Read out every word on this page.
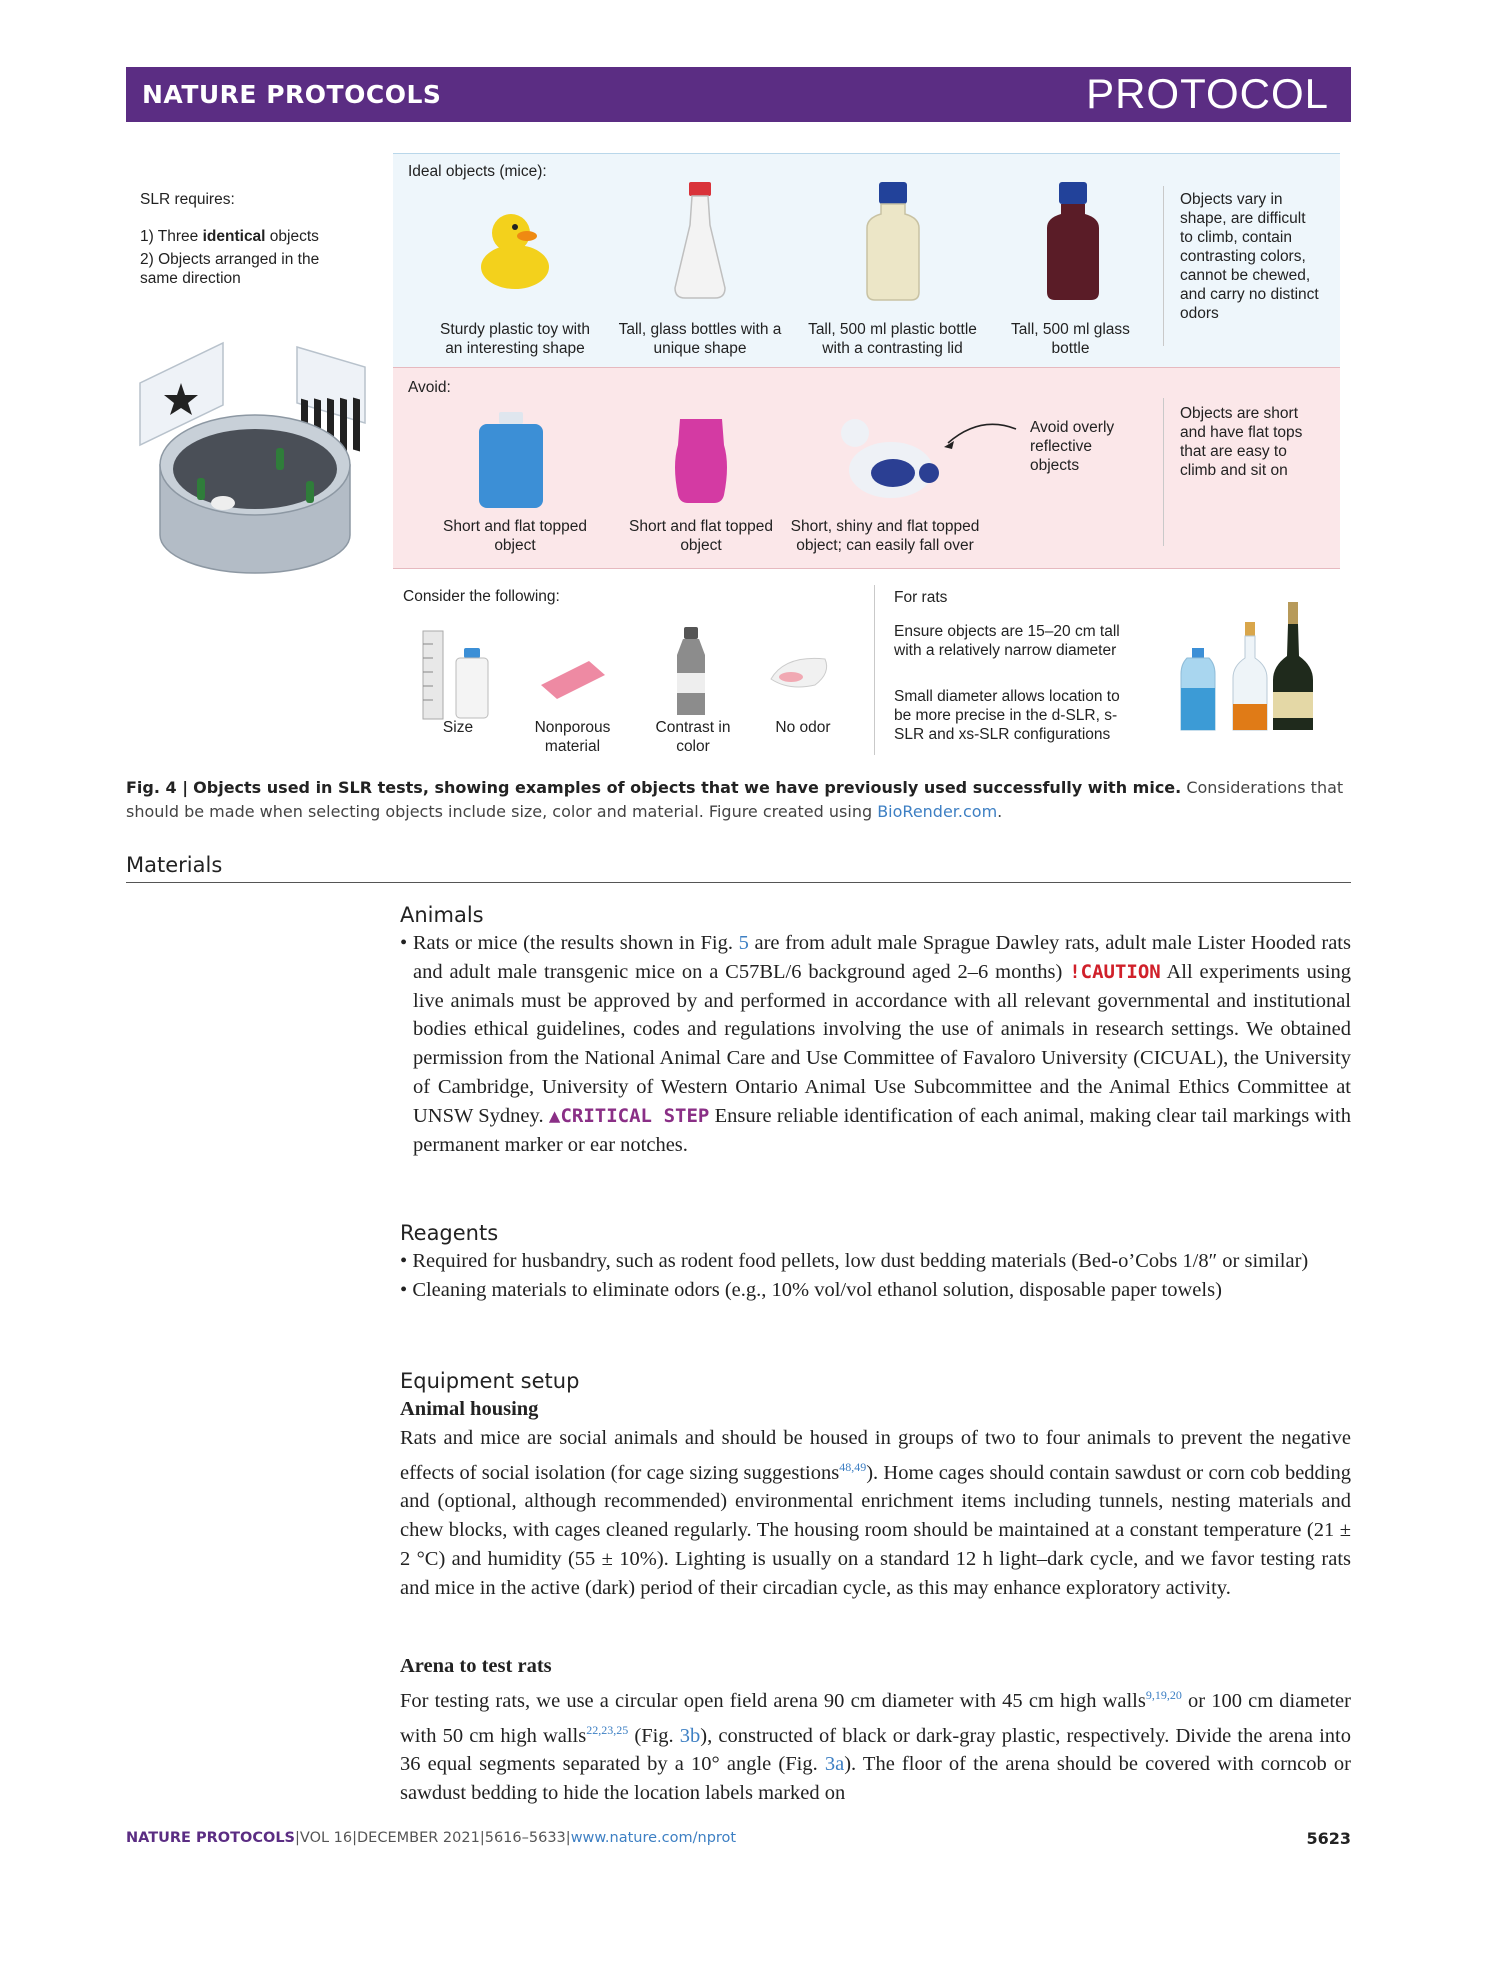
NATURE PROTOCOLS	PROTOCOL
SLR requires:
1) Three identical objects
2) Objects arranged in the same direction
Ideal objects (mice):
Sturdy plastic toy with an interesting shape
Tall, glass bottles with a unique shape
Tall, 500 ml plastic bottle with a contrasting lid
Tall, 500 ml glass bottle
Objects vary in shape, are difficult to climb, contain contrasting colors, cannot be chewed, and carry no distinct odors
Avoid:
Short and flat topped object
Short and flat topped object
Short, shiny and flat topped object; can easily fall over
Avoid overly reflective objects
Objects are short and have flat tops that are easy to climb and sit on
Consider the following:
Size	Nonporous material
Contrast in color
No odor
For rats
Ensure objects are 15–20 cm tall with a relatively narrow diameter
Small diameter allows location to be more precise in the d-SLR, s-SLR and xs-SLR configurations
Fig. 4 | Objects used in SLR tests, showing examples of objects that we have previously used successfully with mice. Considerations that should be made when selecting objects include size, color and material. Figure created using BioRender.com.
Materials
Animals
• Rats or mice (the results shown in Fig. 5 are from adult male Sprague Dawley rats, adult male Lister Hooded rats and adult male transgenic mice on a C57BL/6 background aged 2–6 months) !CAUTION All experiments using live animals must be approved by and performed in accordance with all relevant governmental and institutional bodies ethical guidelines, codes and regulations involving the use of animals in research settings. We obtained permission from the National Animal Care and Use Committee of Favaloro University (CICUAL), the University of Cambridge, University of Western Ontario Animal Use Subcommittee and the Animal Ethics Committee at UNSW Sydney. ▲CRITICAL STEP Ensure reliable identification of each animal, making clear tail markings with permanent marker or ear notches.
Reagents
• Required for husbandry, such as rodent food pellets, low dust bedding materials (Bed-o’Cobs 1/8″ or similar)
• Cleaning materials to eliminate odors (e.g., 10% vol/vol ethanol solution, disposable paper towels)
Equipment setup
Animal housing
Rats and mice are social animals and should be housed in groups of two to four animals to prevent the negative effects of social isolation (for cage sizing suggestions$^{48,49}$). Home cages should contain sawdust or corn cob bedding and (optional, although recommended) environmental enrichment items including tunnels, nesting materials and chew blocks, with cages cleaned regularly. The housing room should be maintained at a constant temperature (21 ± 2 °C) and humidity (55 ± 10%). Lighting is usually on a standard 12 h light–dark cycle, and we favor testing rats and mice in the active (dark) period of their circadian cycle, as this may enhance exploratory activity.
Arena to test rats
For testing rats, we use a circular open field arena 90 cm diameter with 45 cm high walls$^{9,19,20}$ or 100 cm diameter with 50 cm high walls$^{22,23,25}$ (Fig. 3b), constructed of black or dark-gray plastic, respectively. Divide the arena into 36 equal segments separated by a 10° angle (Fig. 3a). The floor of the arena should be covered with corncob or sawdust bedding to hide the location labels marked on
NATURE PROTOCOLS|VOL 16|DECEMBER 2021|5616–5633|www.nature.com/nprot	5623
